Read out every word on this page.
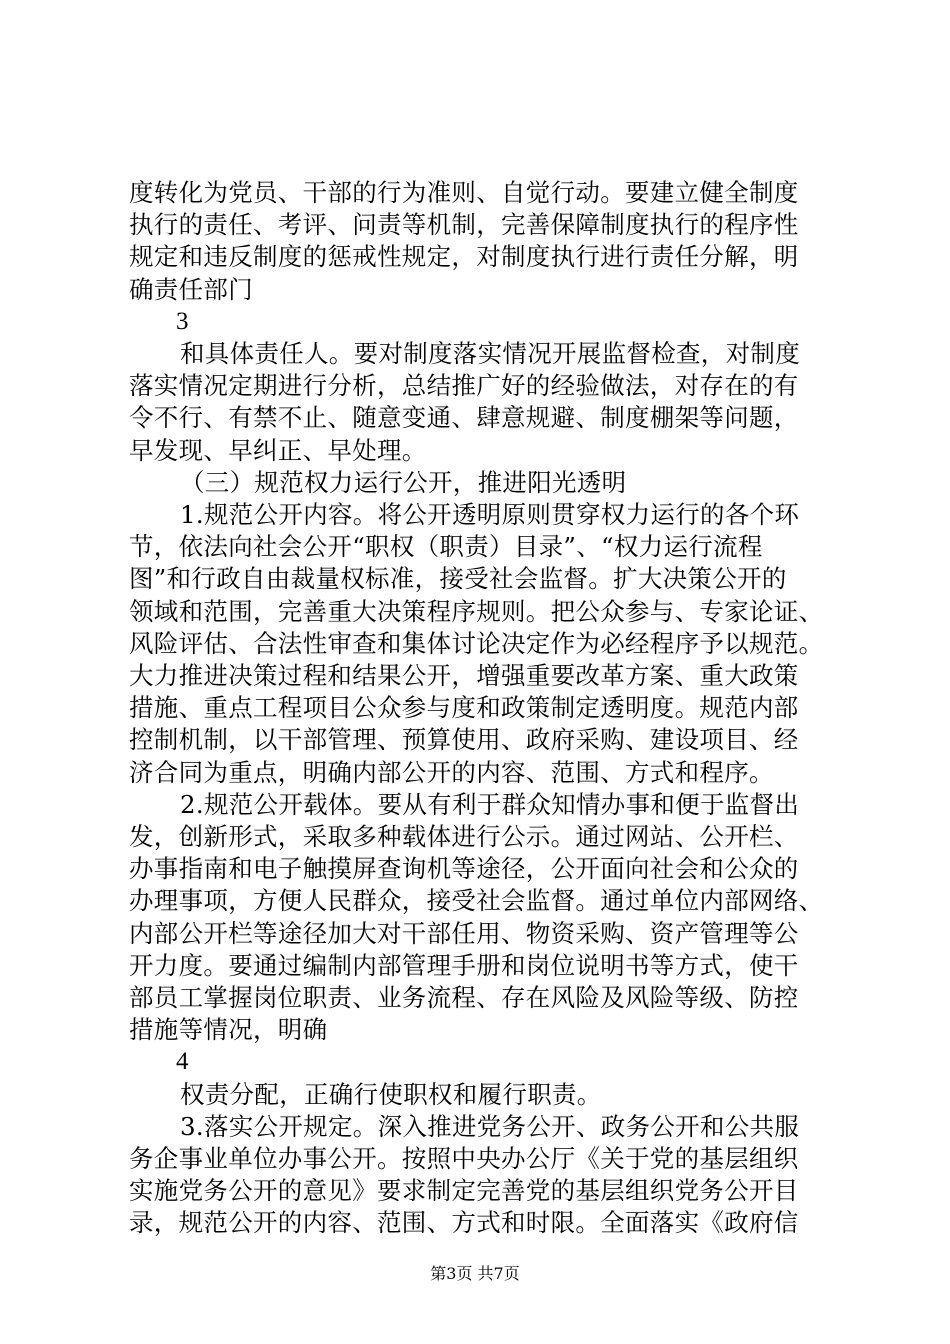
度转化为党员、干部的行为准则、自觉行动。要建立健全制度
执行的责任、考评、问责等机制，完善保障制度执行的程序性
规定和违反制度的惩戒性规定，对制度执行进行责任分解，明
确责任部门
3
和具体责任人。要对制度落实情况开展监督检查，对制度
落实情况定期进行分析，总结推广好的经验做法，对存在的有
令不行、有禁不止、随意变通、肆意规避、制度棚架等问题，
早发现、早纠正、早处理。
（三）规范权力运行公开，推进阳光透明
1.规范公开内容。将公开透明原则贯穿权力运行的各个环
节，依法向社会公开“职权（职责）目录”、“权力运行流程
图”和行政自由裁量权标准，接受社会监督。扩大决策公开的
领域和范围，完善重大决策程序规则。把公众参与、专家论证、
风险评估、合法性审查和集体讨论决定作为必经程序予以规范。
大力推进决策过程和结果公开，增强重要改革方案、重大政策
措施、重点工程项目公众参与度和政策制定透明度。规范内部
控制机制，以干部管理、预算使用、政府采购、建设项目、经
济合同为重点，明确内部公开的内容、范围、方式和程序。
2.规范公开载体。要从有利于群众知情办事和便于监督出
发，创新形式，采取多种载体进行公示。通过网站、公开栏、
办事指南和电子触摸屏查询机等途径，公开面向社会和公众的
办理事项，方便人民群众，接受社会监督。通过单位内部网络、
内部公开栏等途径加大对干部任用、物资采购、资产管理等公
开力度。要通过编制内部管理手册和岗位说明书等方式，使干
部员工掌握岗位职责、业务流程、存在风险及风险等级、防控
措施等情况，明确
4
权责分配，正确行使职权和履行职责。
3.落实公开规定。深入推进党务公开、政务公开和公共服
务企事业单位办事公开。按照中央办公厅《关于党的基层组织
实施党务公开的意见》要求制定完善党的基层组织党务公开目
录，规范公开的内容、范围、方式和时限。全面落实《政府信
第3页 共7页
